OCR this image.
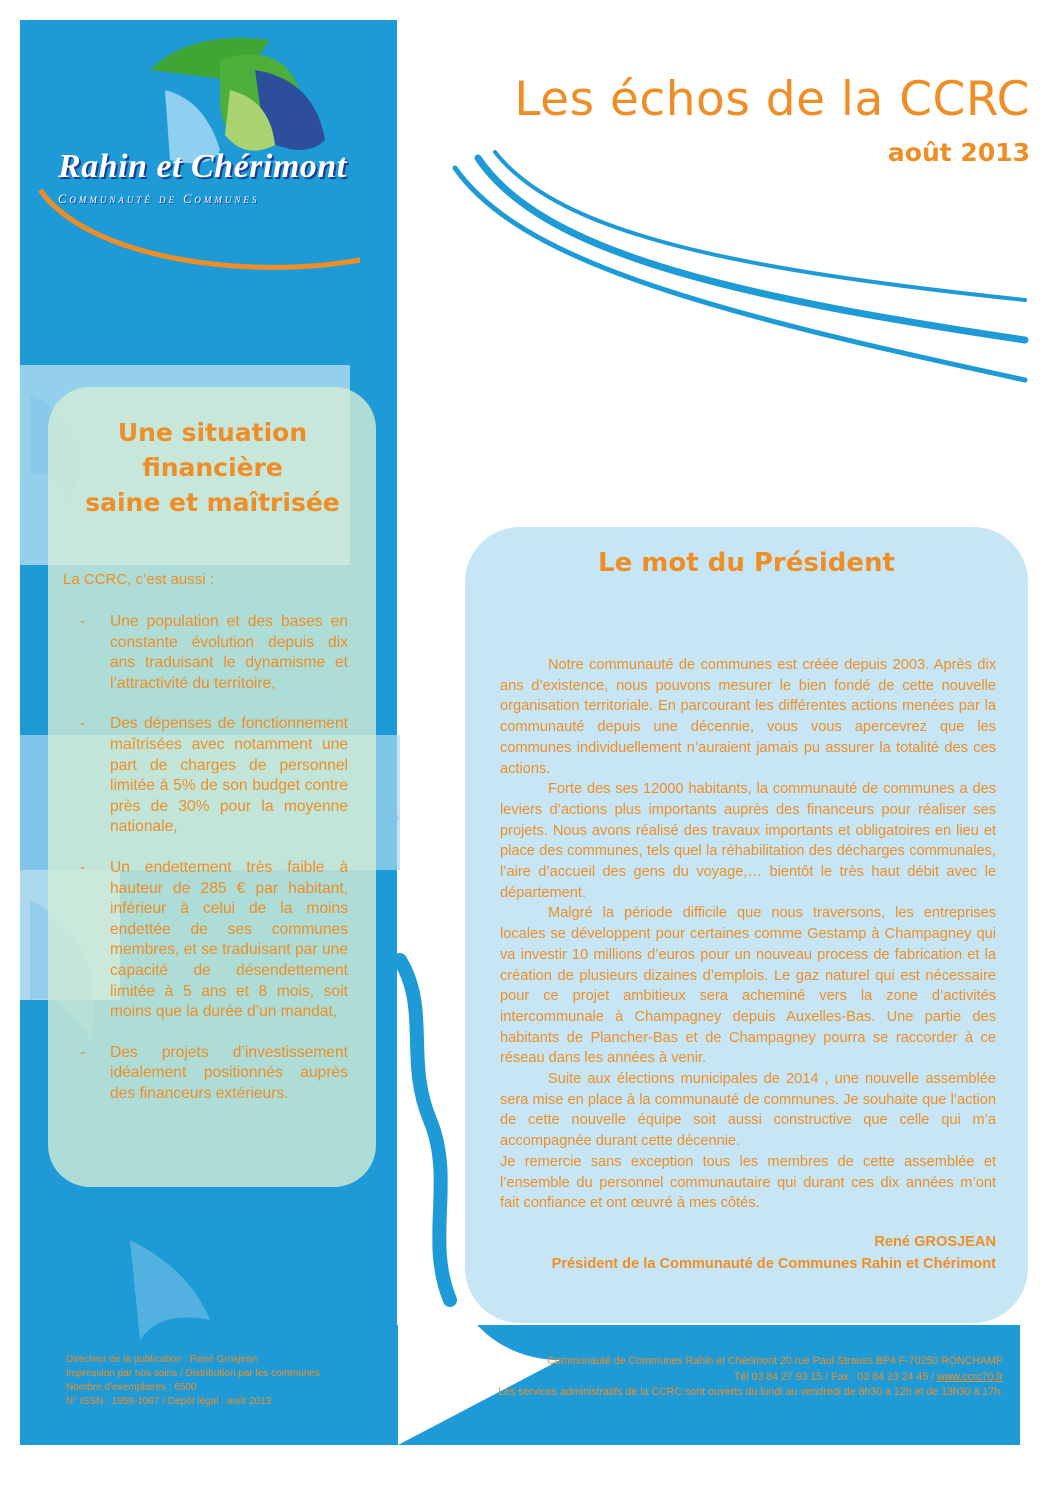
Rahin et Chérimont
Communauté de Communes
Les échos de la CCRC
août 2013
Une situation
financière
saine et maîtrisée
La CCRC, c’est aussi :
- Une population et des bases en constante évolution depuis dix ans traduisant le dynamisme et l’attractivité du territoire,
- Des dépenses de fonctionnement maîtrisées avec notamment une part de charges de personnel limitée à 5% de son budget contre près de 30% pour la moyenne nationale,
- Un endettement très faible à hauteur de 285 € par habitant, inférieur à celui de la moins endettée de ses communes membres, et se traduisant par une capacité de désendettement limitée à 5 ans et 8 mois, soit moins que la durée d’un mandat,
- Des projets d’investissement idéalement positionnés auprès des financeurs extérieurs.
Le mot du Président

Notre communauté de communes est créée depuis 2003. Après dix ans d’existence, nous pouvons mesurer le bien fondé de cette nouvelle organisation territoriale. En parcourant les différentes actions menées par la communauté depuis une décennie, vous vous apercevrez que les communes individuellement n’auraient jamais pu assurer la totalité des ces actions.

Forte des ses 12000 habitants, la communauté de communes a des leviers d’actions plus importants auprès des financeurs pour réaliser ses projets. Nous avons réalisé des travaux importants et obligatoires en lieu et place des communes, tels quel la réhabilitation des décharges communales, l’aire d’accueil des gens du voyage,… bientôt le très haut débit avec le département.

Malgré la période difficile que nous traversons, les entreprises locales se développent pour certaines comme Gestamp à Champagney qui va investir 10 millions d’euros pour un nouveau process de fabrication et la création de plusieurs dizaines d’emplois. Le gaz naturel qui est nécessaire pour ce projet ambitieux sera acheminé vers la zone d’activités intercommunale à Champagney depuis Auxelles-Bas. Une partie des habitants de Plancher-Bas et de Champagney pourra se raccorder à ce réseau dans les années à venir.

Suite aux élections municipales de 2014 , une nouvelle assemblée sera mise en place à la communauté de communes. Je souhaite que l’action de cette nouvelle équipe soit aussi constructive que celle qui m’a accompagnée durant cette décennie.

Je remercie sans exception tous les membres de cette assemblée et l’ensemble du personnel communautaire qui durant ces dix années m’ont fait confiance et ont œuvré à mes côtés.

René GROSJEAN
Président de la Communauté de Communes Rahin et Chérimont
Directeur de la publication : René Grosjean
Impression par nos soins / Distribution par les communes
Nombre d’exemplaires : 6500
N° ISSN : 1958-1067 / Dépôt légal : août 2013
Communauté de Communes Rahin et Chérimont 20 rue Paul Strauss BP4 F-70250 RONCHAMP
Tél 03 84 27 93 15 / Fax : 03 84 23 24 45 / www.ccrc70.fr
Les services administratifs de la CCRC sont ouverts du lundi au vendredi de 8h30 à 12h et de 13h30 à 17h.
